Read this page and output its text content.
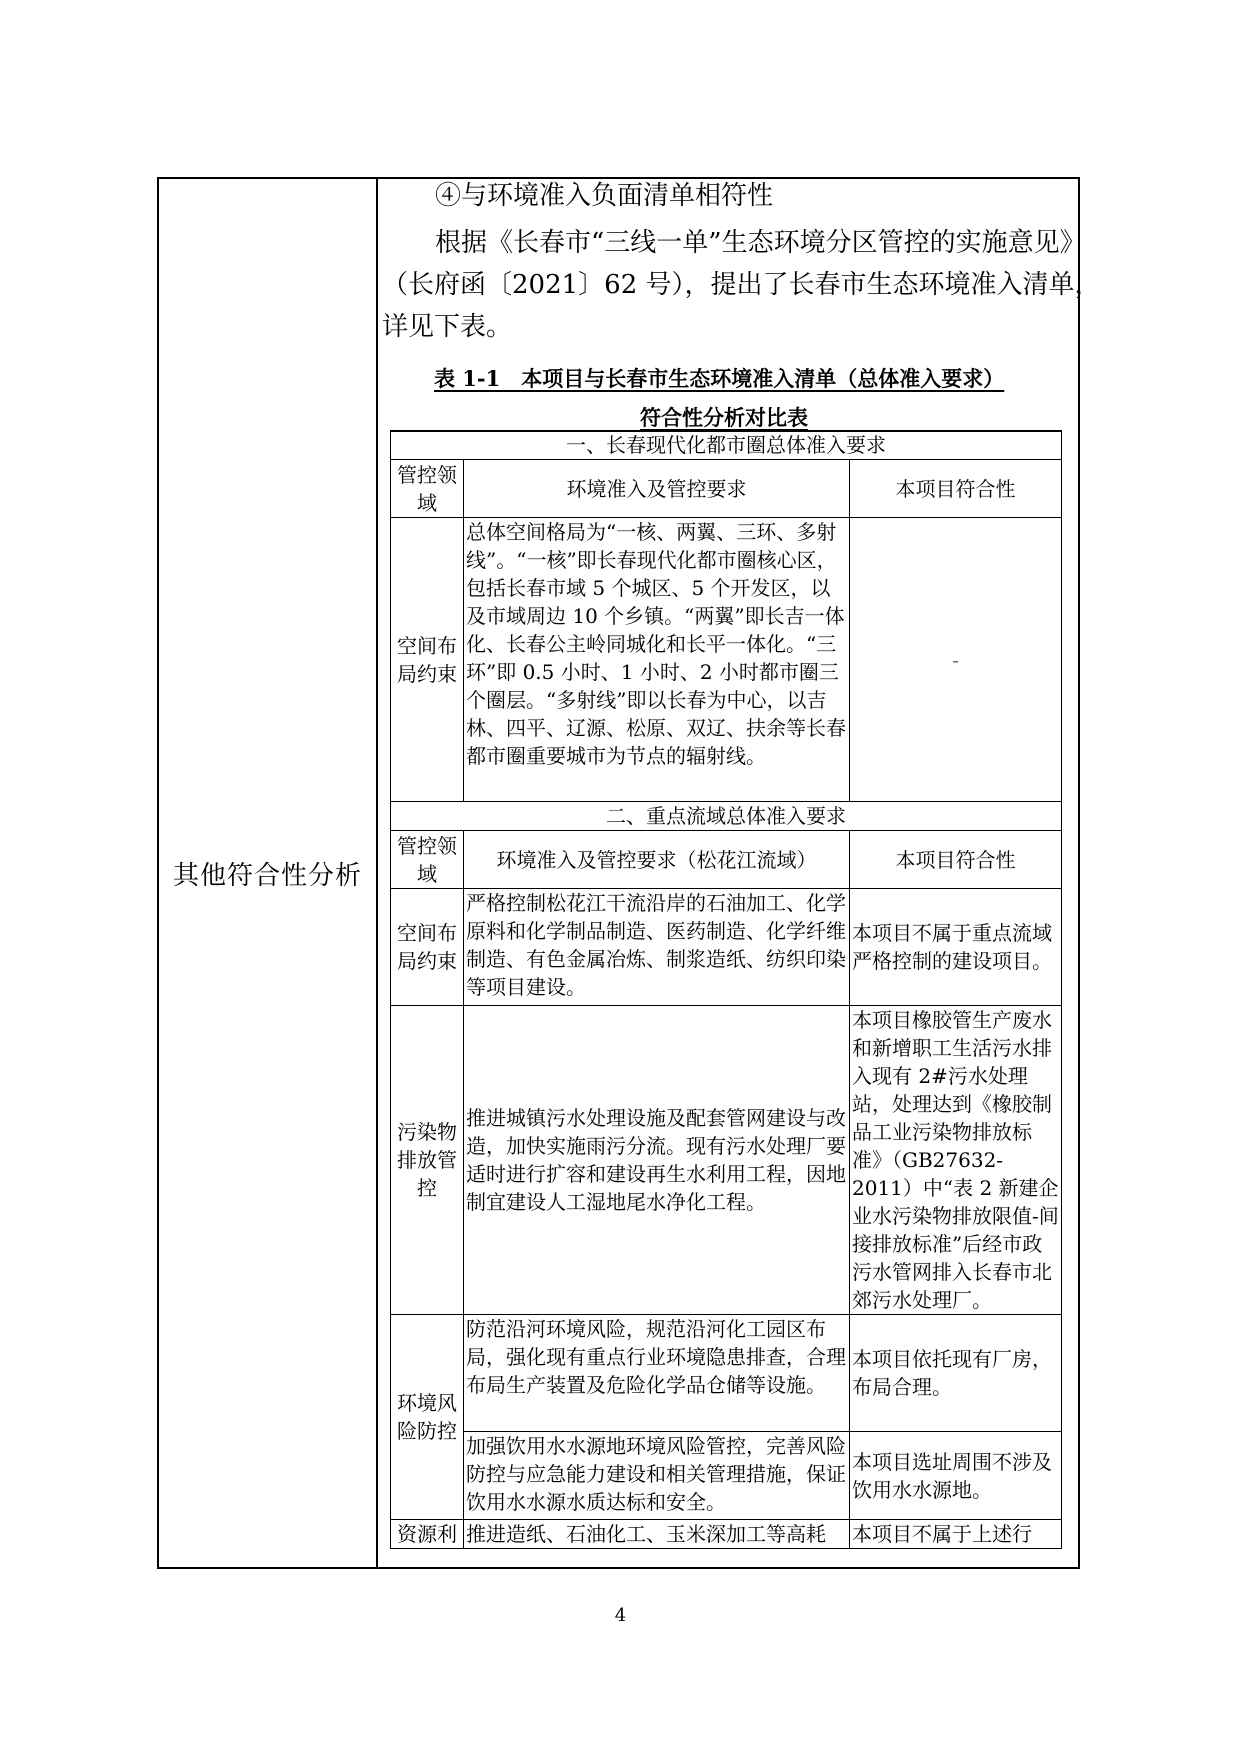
其他符合性分析
④与环境准入负面清单相符性
根据《长春市“三线一单”生态环境分区管控的实施意见》
（长府函〔2021〕62 号），提出了长春市生态环境准入清单，
详见下表。
表 1-1　本项目与长春市生态环境准入清单（总体准入要求）
符合性分析对比表
一、长春现代化都市圈总体准入要求		
管控领域	环境准入及管控要求	本项目符合性
空间布局约束	总体空间格局为“一核、两翼、三环、多射线”。“一核”即长春现代化都市圈核心区，包括长春市域 5 个城区、5 个开发区，以及市域周边 10 个乡镇。“两翼”即长吉一体化、长春公主岭同城化和长平一体化。“三环”即 0.5 小时、1 小时、2 小时都市圈三个圈层。“多射线”即以长春为中心，以吉林、四平、辽源、松原、双辽、扶余等长春都市圈重要城市为节点的辐射线。	-
二、重点流域总体准入要求		
管控领域	环境准入及管控要求（松花江流域）	本项目符合性
空间布局约束	严格控制松花江干流沿岸的石油加工、化学原料和化学制品制造、医药制造、化学纤维制造、有色金属冶炼、制浆造纸、纺织印染等项目建设。	本项目不属于重点流域严格控制的建设项目。
污染物排放管控	推进城镇污水处理设施及配套管网建设与改造，加快实施雨污分流。现有污水处理厂要适时进行扩容和建设再生水利用工程，因地制宜建设人工湿地尾水净化工程。	本项目橡胶管生产废水和新增职工生活污水排入现有 2#污水处理站，处理达到《橡胶制品工业污染物排放标准》（GB27632-2011）中“表 2 新建企业水污染物排放限值-间接排放标准”后经市政污水管网排入长春市北郊污水处理厂。
环境风险防控	防范沿河环境风险，规范沿河化工园区布局，强化现有重点行业环境隐患排查，合理布局生产装置及危险化学品仓储等设施。	本项目依托现有厂房，布局合理。
	加强饮用水水源地环境风险管控，完善风险防控与应急能力建设和相关管理措施，保证饮用水水源水质达标和安全。	本项目选址周围不涉及饮用水水源地。
资源利	推进造纸、石油化工、玉米深加工等高耗	本项目不属于上述行
4
